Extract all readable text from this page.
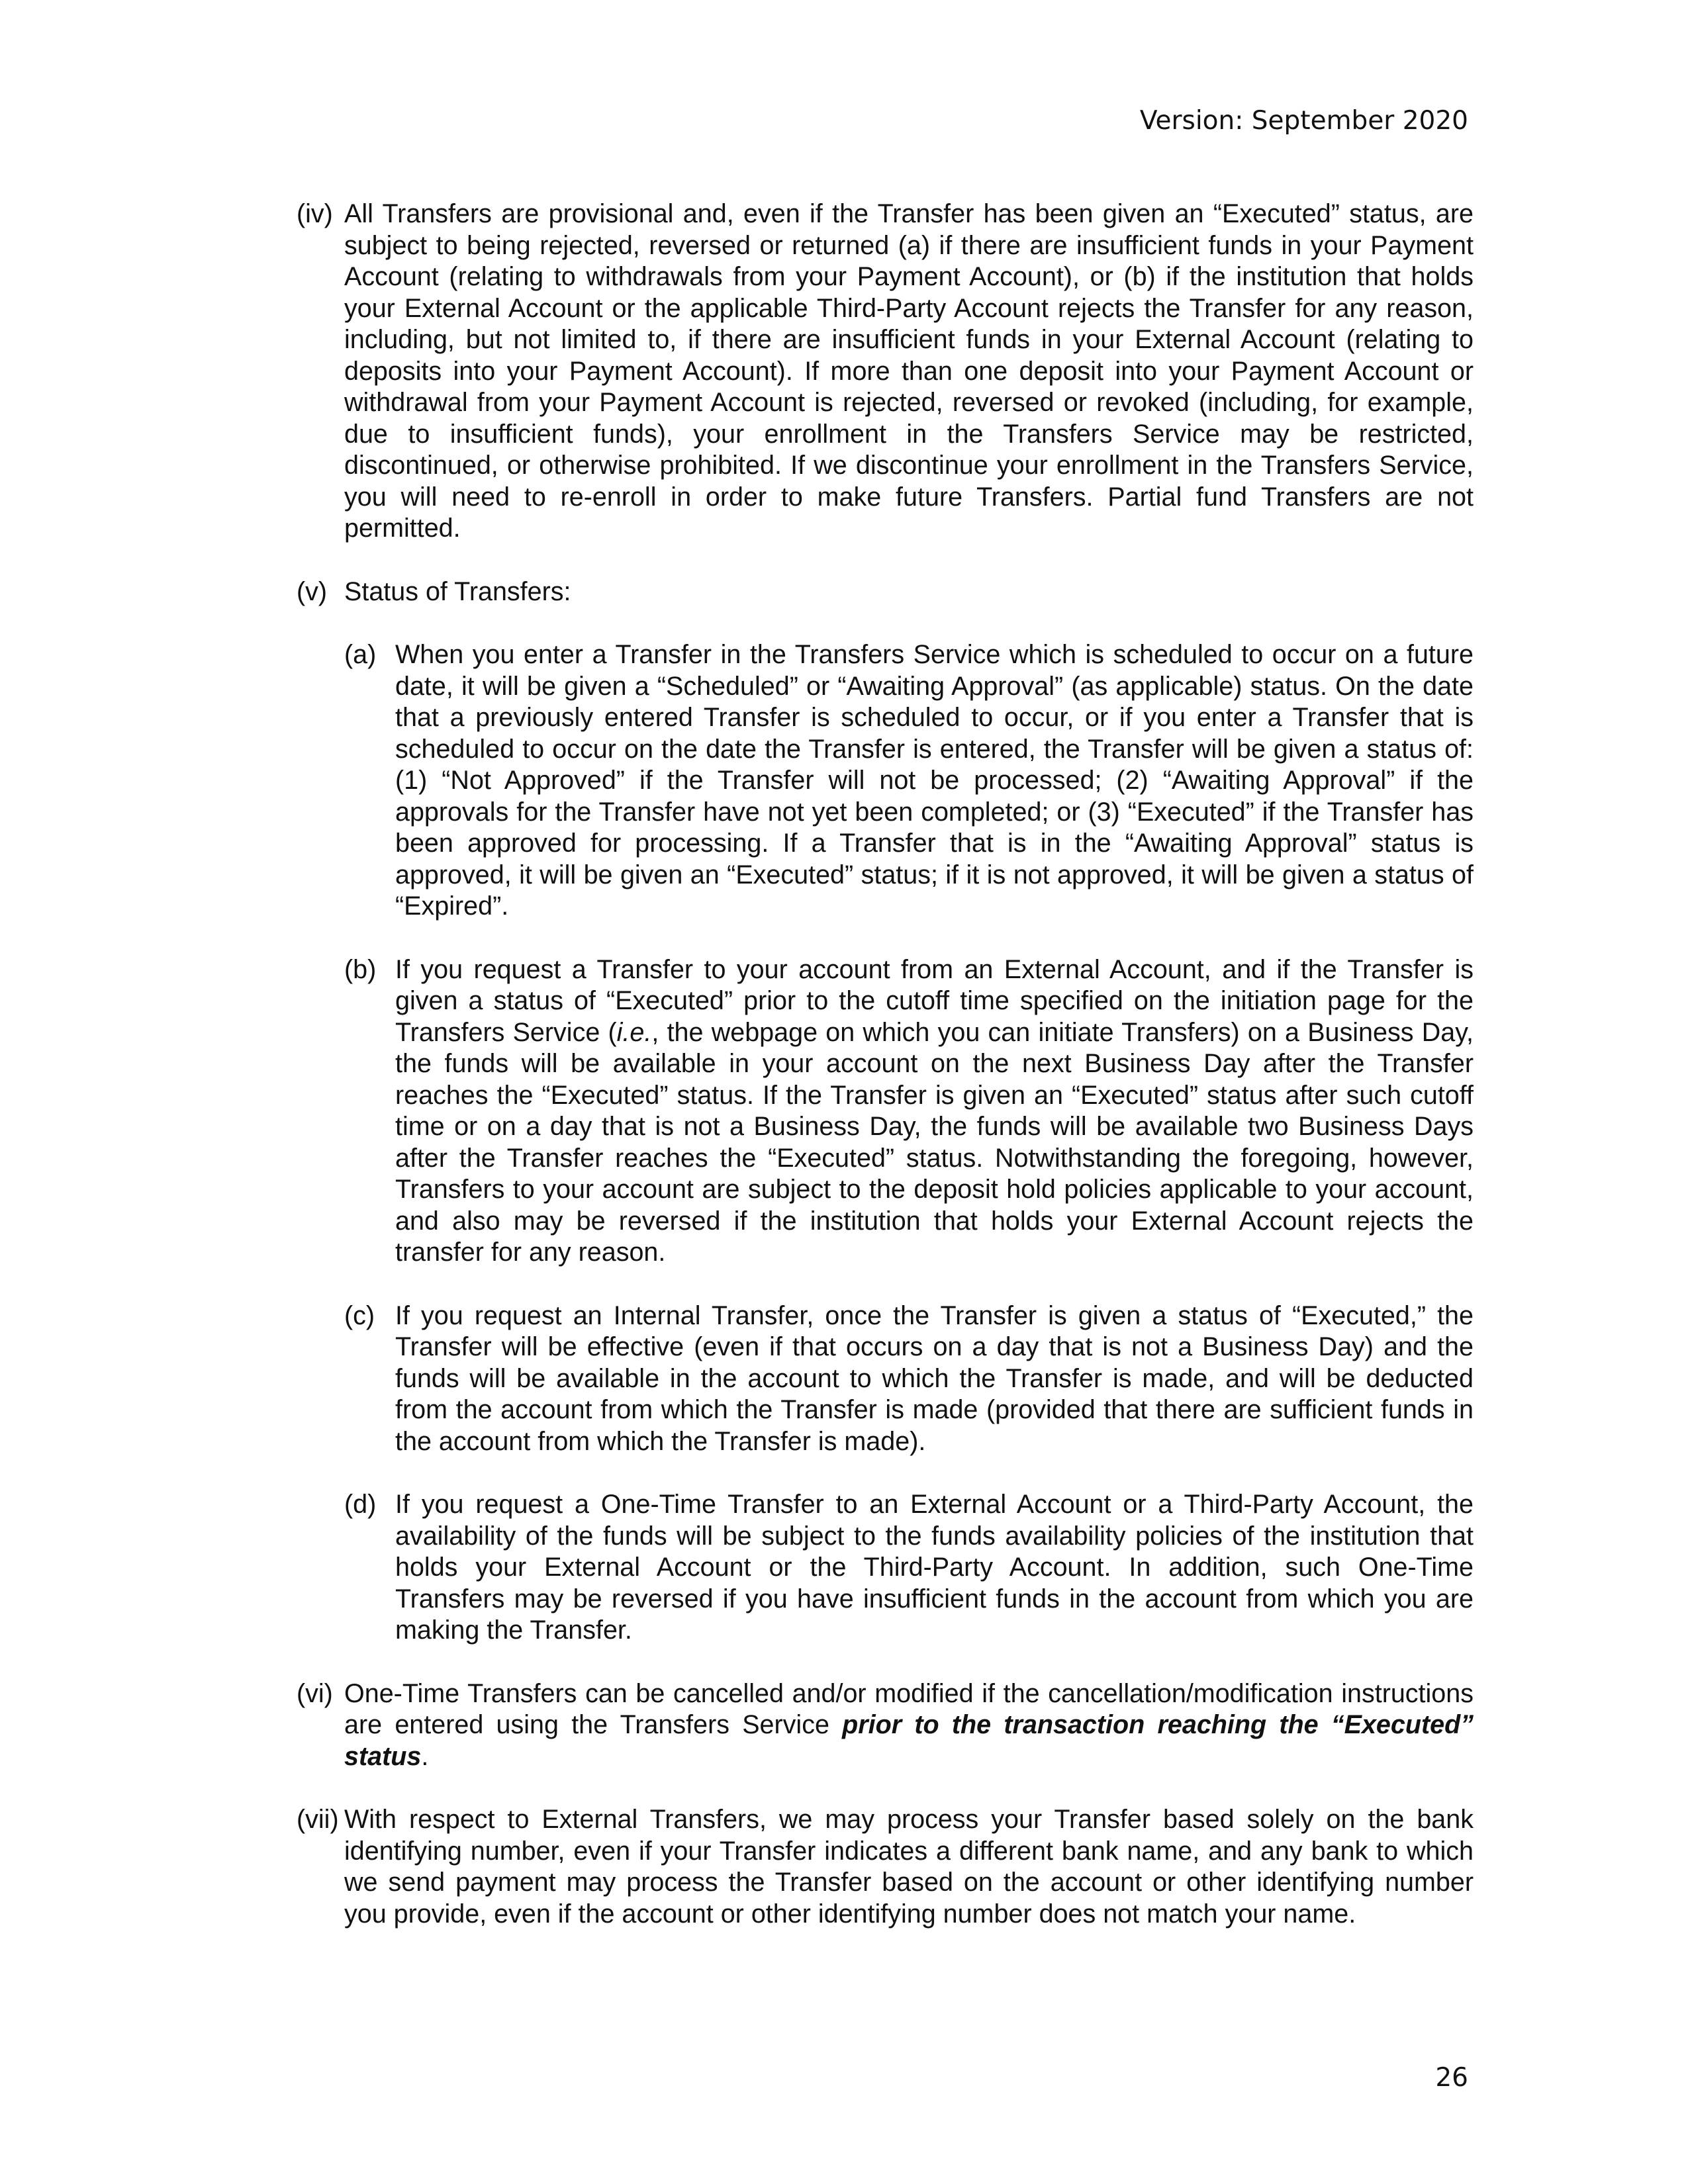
Version: September 2020
(iv) All Transfers are provisional and, even if the Transfer has been given an “Executed” status, are subject to being rejected, reversed or returned (a) if there are insufficient funds in your Payment Account (relating to withdrawals from your Payment Account), or (b) if the institution that holds your External Account or the applicable Third-Party Account rejects the Transfer for any reason, including, but not limited to, if there are insufficient funds in your External Account (relating to deposits into your Payment Account). If more than one deposit into your Payment Account or withdrawal from your Payment Account is rejected, reversed or revoked (including, for example, due to insufficient funds), your enrollment in the Transfers Service may be restricted, discontinued, or otherwise prohibited. If we discontinue your enrollment in the Transfers Service, you will need to re-enroll in order to make future Transfers. Partial fund Transfers are not permitted.
(v) Status of Transfers:
(a) When you enter a Transfer in the Transfers Service which is scheduled to occur on a future date, it will be given a “Scheduled” or “Awaiting Approval” (as applicable) status. On the date that a previously entered Transfer is scheduled to occur, or if you enter a Transfer that is scheduled to occur on the date the Transfer is entered, the Transfer will be given a status of: (1) “Not Approved” if the Transfer will not be processed; (2) “Awaiting Approval” if the approvals for the Transfer have not yet been completed; or (3) “Executed” if the Transfer has been approved for processing. If a Transfer that is in the “Awaiting Approval” status is approved, it will be given an “Executed” status; if it is not approved, it will be given a status of “Expired”.
(b) If you request a Transfer to your account from an External Account, and if the Transfer is given a status of “Executed” prior to the cutoff time specified on the initiation page for the Transfers Service (i.e., the webpage on which you can initiate Transfers) on a Business Day, the funds will be available in your account on the next Business Day after the Transfer reaches the “Executed” status. If the Transfer is given an “Executed” status after such cutoff time or on a day that is not a Business Day, the funds will be available two Business Days after the Transfer reaches the “Executed” status. Notwithstanding the foregoing, however, Transfers to your account are subject to the deposit hold policies applicable to your account, and also may be reversed if the institution that holds your External Account rejects the transfer for any reason.
(c) If you request an Internal Transfer, once the Transfer is given a status of “Executed,” the Transfer will be effective (even if that occurs on a day that is not a Business Day) and the funds will be available in the account to which the Transfer is made, and will be deducted from the account from which the Transfer is made (provided that there are sufficient funds in the account from which the Transfer is made).
(d) If you request a One-Time Transfer to an External Account or a Third-Party Account, the availability of the funds will be subject to the funds availability policies of the institution that holds your External Account or the Third-Party Account. In addition, such One-Time Transfers may be reversed if you have insufficient funds in the account from which you are making the Transfer.
(vi) One-Time Transfers can be cancelled and/or modified if the cancellation/modification instructions are entered using the Transfers Service prior to the transaction reaching the “Executed” status.
(vii) With respect to External Transfers, we may process your Transfer based solely on the bank identifying number, even if your Transfer indicates a different bank name, and any bank to which we send payment may process the Transfer based on the account or other identifying number you provide, even if the account or other identifying number does not match your name.
26
